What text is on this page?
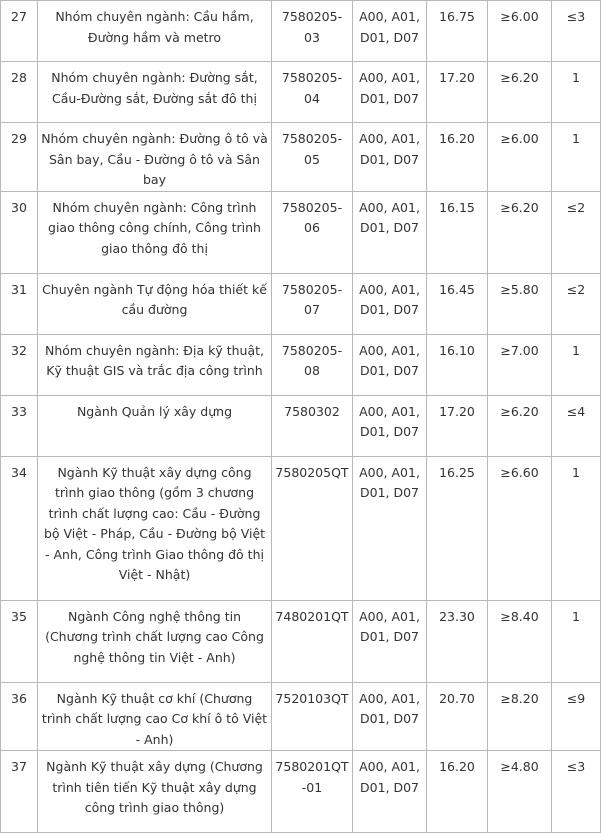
27	Nhóm chuyên ngành: Cầu hầm, Đường hầm và metro	7580205-03	A00, A01, D01, D07	16.75	≥6.00	≤3

28	Nhóm chuyên ngành: Đường sắt, Cầu-Đường sắt, Đường sắt đô thị	7580205-04	A00, A01, D01, D07	17.20	≥6.20	1

29	Nhóm chuyên ngành: Đường ô tô và Sân bay, Cầu - Đường ô tô và Sân bay	7580205-05	A00, A01, D01, D07	16.20	≥6.00	1

30	Nhóm chuyên ngành: Công trình giao thông công chính, Công trình giao thông đô thị	7580205-06	A00, A01, D01, D07	16.15	≥6.20	≤2

31	Chuyên ngành Tự động hóa thiết kế cầu đường	7580205-07	A00, A01, D01, D07	16.45	≥5.80	≤2

32	Nhóm chuyên ngành: Địa kỹ thuật, Kỹ thuật GIS và trắc địa công trình	7580205-08	A00, A01, D01, D07	16.10	≥7.00	1

33	Ngành Quản lý xây dựng	7580302	A00, A01, D01, D07	17.20	≥6.20	≤4

34	Ngành Kỹ thuật xây dựng công trình giao thông (gồm 3 chương trình chất lượng cao: Cầu - Đường bộ Việt - Pháp, Cầu - Đường bộ Việt - Anh, Công trình Giao thông đô thị Việt - Nhật)	7580205QT	A00, A01, D01, D07	16.25	≥6.60	1

35	Ngành Công nghệ thông tin (Chương trình chất lượng cao Công nghệ thông tin Việt - Anh)	7480201QT	A00, A01, D01, D07	23.30	≥8.40	1

36	Ngành Kỹ thuật cơ khí (Chương trình chất lượng cao Cơ khí ô tô Việt - Anh)	7520103QT	A00, A01, D01, D07	20.70	≥8.20	≤9

37	Ngành Kỹ thuật xây dựng (Chương trình tiên tiến Kỹ thuật xây dựng công trình giao thông)	7580201QT-01	A00, A01, D01, D07	16.20	≥4.80	≤3
